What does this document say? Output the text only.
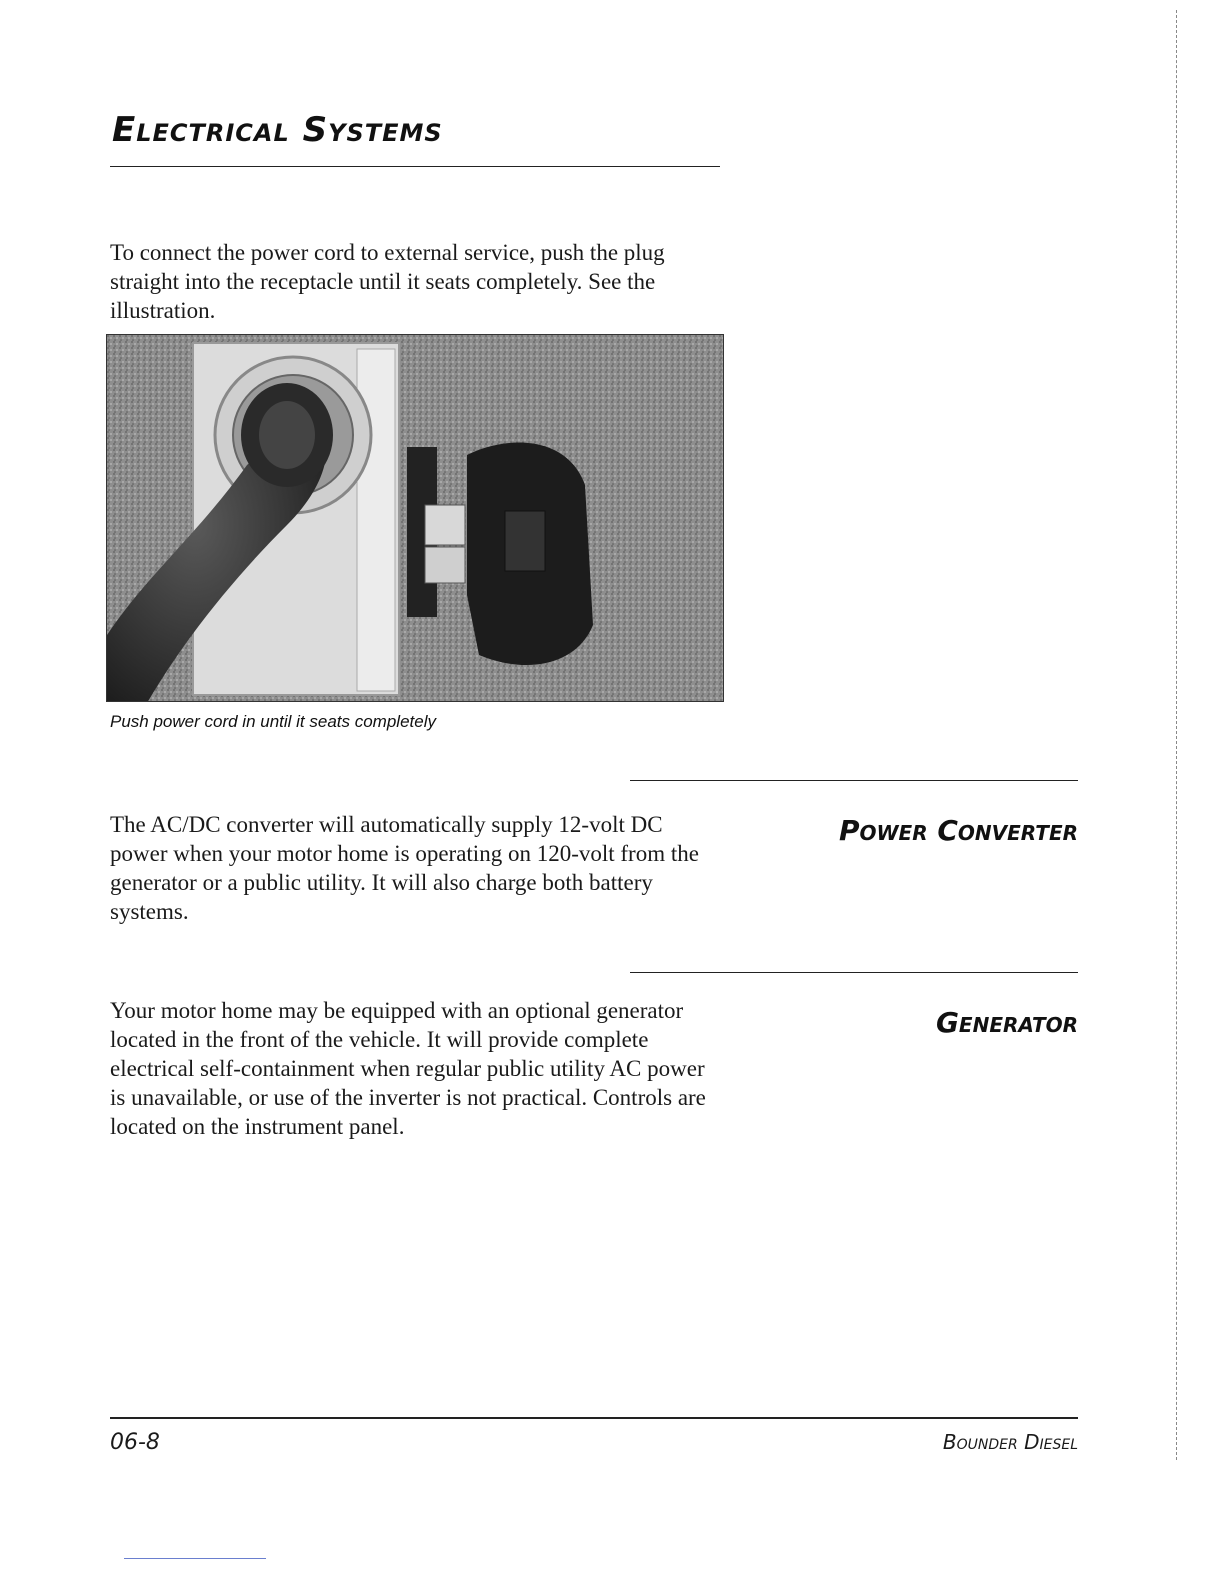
Electrical Systems

To connect the power cord to external service, push the plug straight into the receptacle until it seats completely. See the illustration.

Push power cord in until it seats completely

Power Converter

The AC/DC converter will automatically supply 12-volt DC power when your motor home is operating on 120-volt from the generator or a public utility. It will also charge both battery systems.

Generator

Your motor home may be equipped with an optional generator located in the front of the vehicle. It will provide complete electrical self-containment when regular public utility AC power is unavailable, or use of the inverter is not practical. Controls are located on the instrument panel.

06-8	Bounder Diesel
